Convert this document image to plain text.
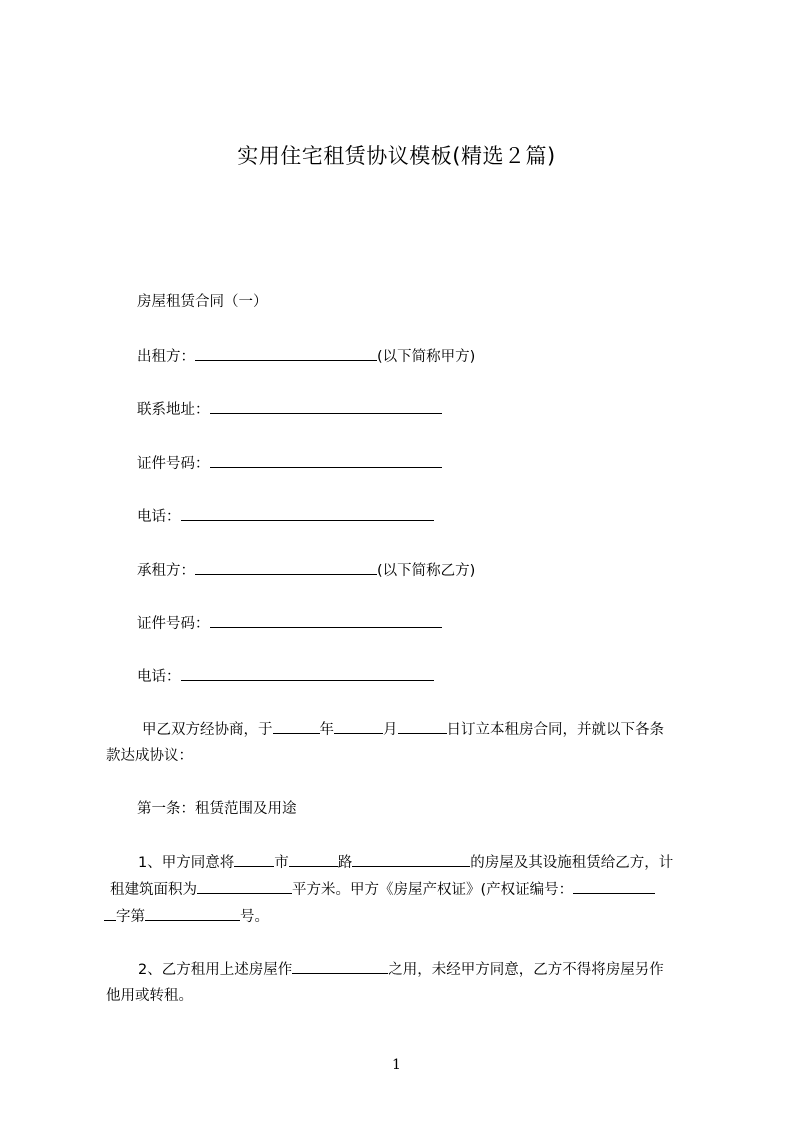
实用住宅租赁协议模板(精选２篇)
房屋租赁合同（一）
出租方：	(以下简称甲方)
联系地址：
证件号码：
电话：
承租方：	(以下简称乙方)
证件号码：
电话：
甲乙双方经协商，于	年	月	日订立本租房合同，并就以下各条
款达成协议：
第一条：租赁范围及用途
1、甲方同意将	市	路	的房屋及其设施租赁给乙方，计
租建筑面积为	平方米。甲方《房屋产权证》(产权证编号：
字第	号。
2、乙方租用上述房屋作	之用，未经甲方同意，乙方不得将房屋另作
他用或转租。
1
